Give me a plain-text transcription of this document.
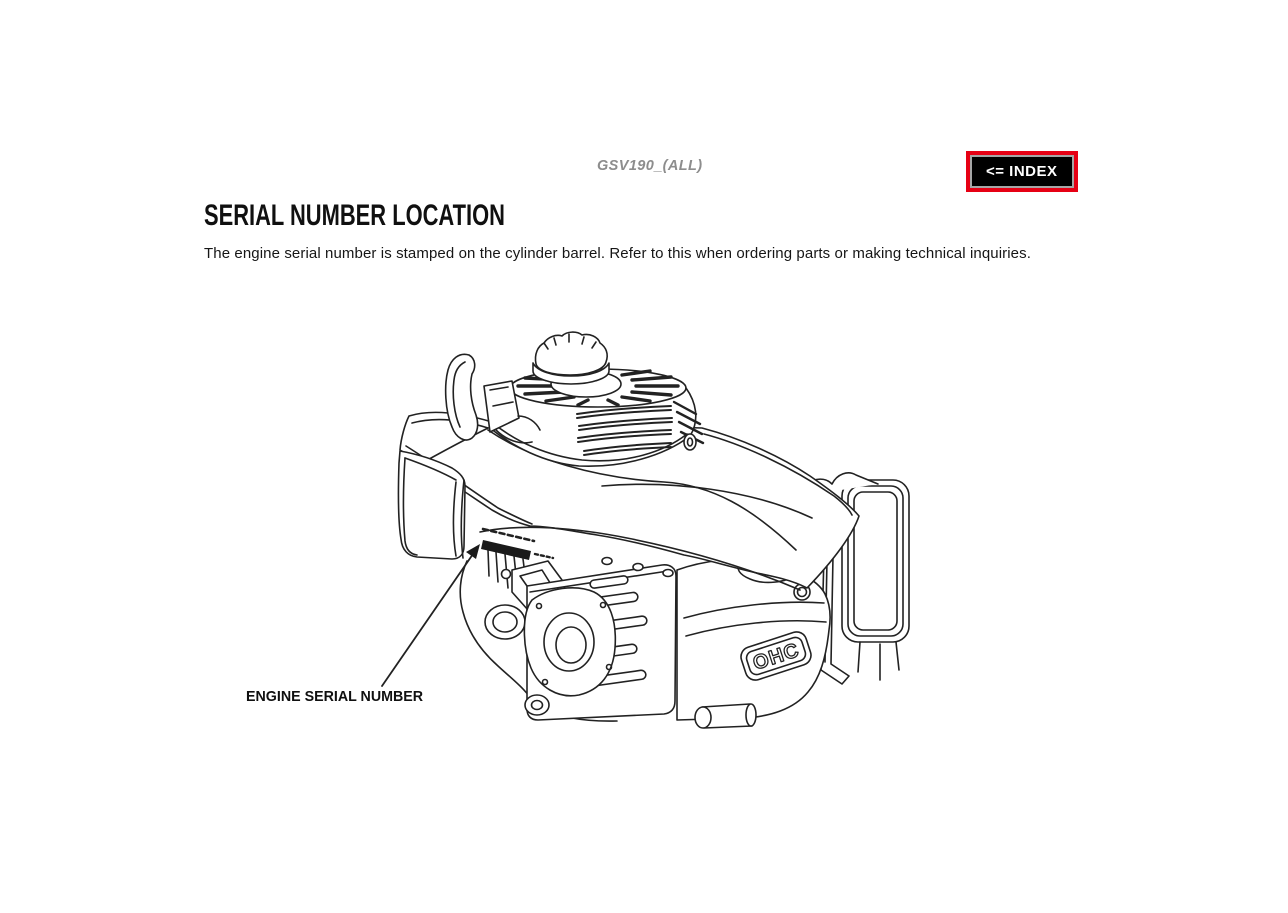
GSV190_(ALL)	<= INDEX
SERIAL NUMBER LOCATION

The engine serial number is stamped on the cylinder barrel. Refer to this when ordering parts or making technical inquiries.

OHC
ENGINE SERIAL NUMBER
